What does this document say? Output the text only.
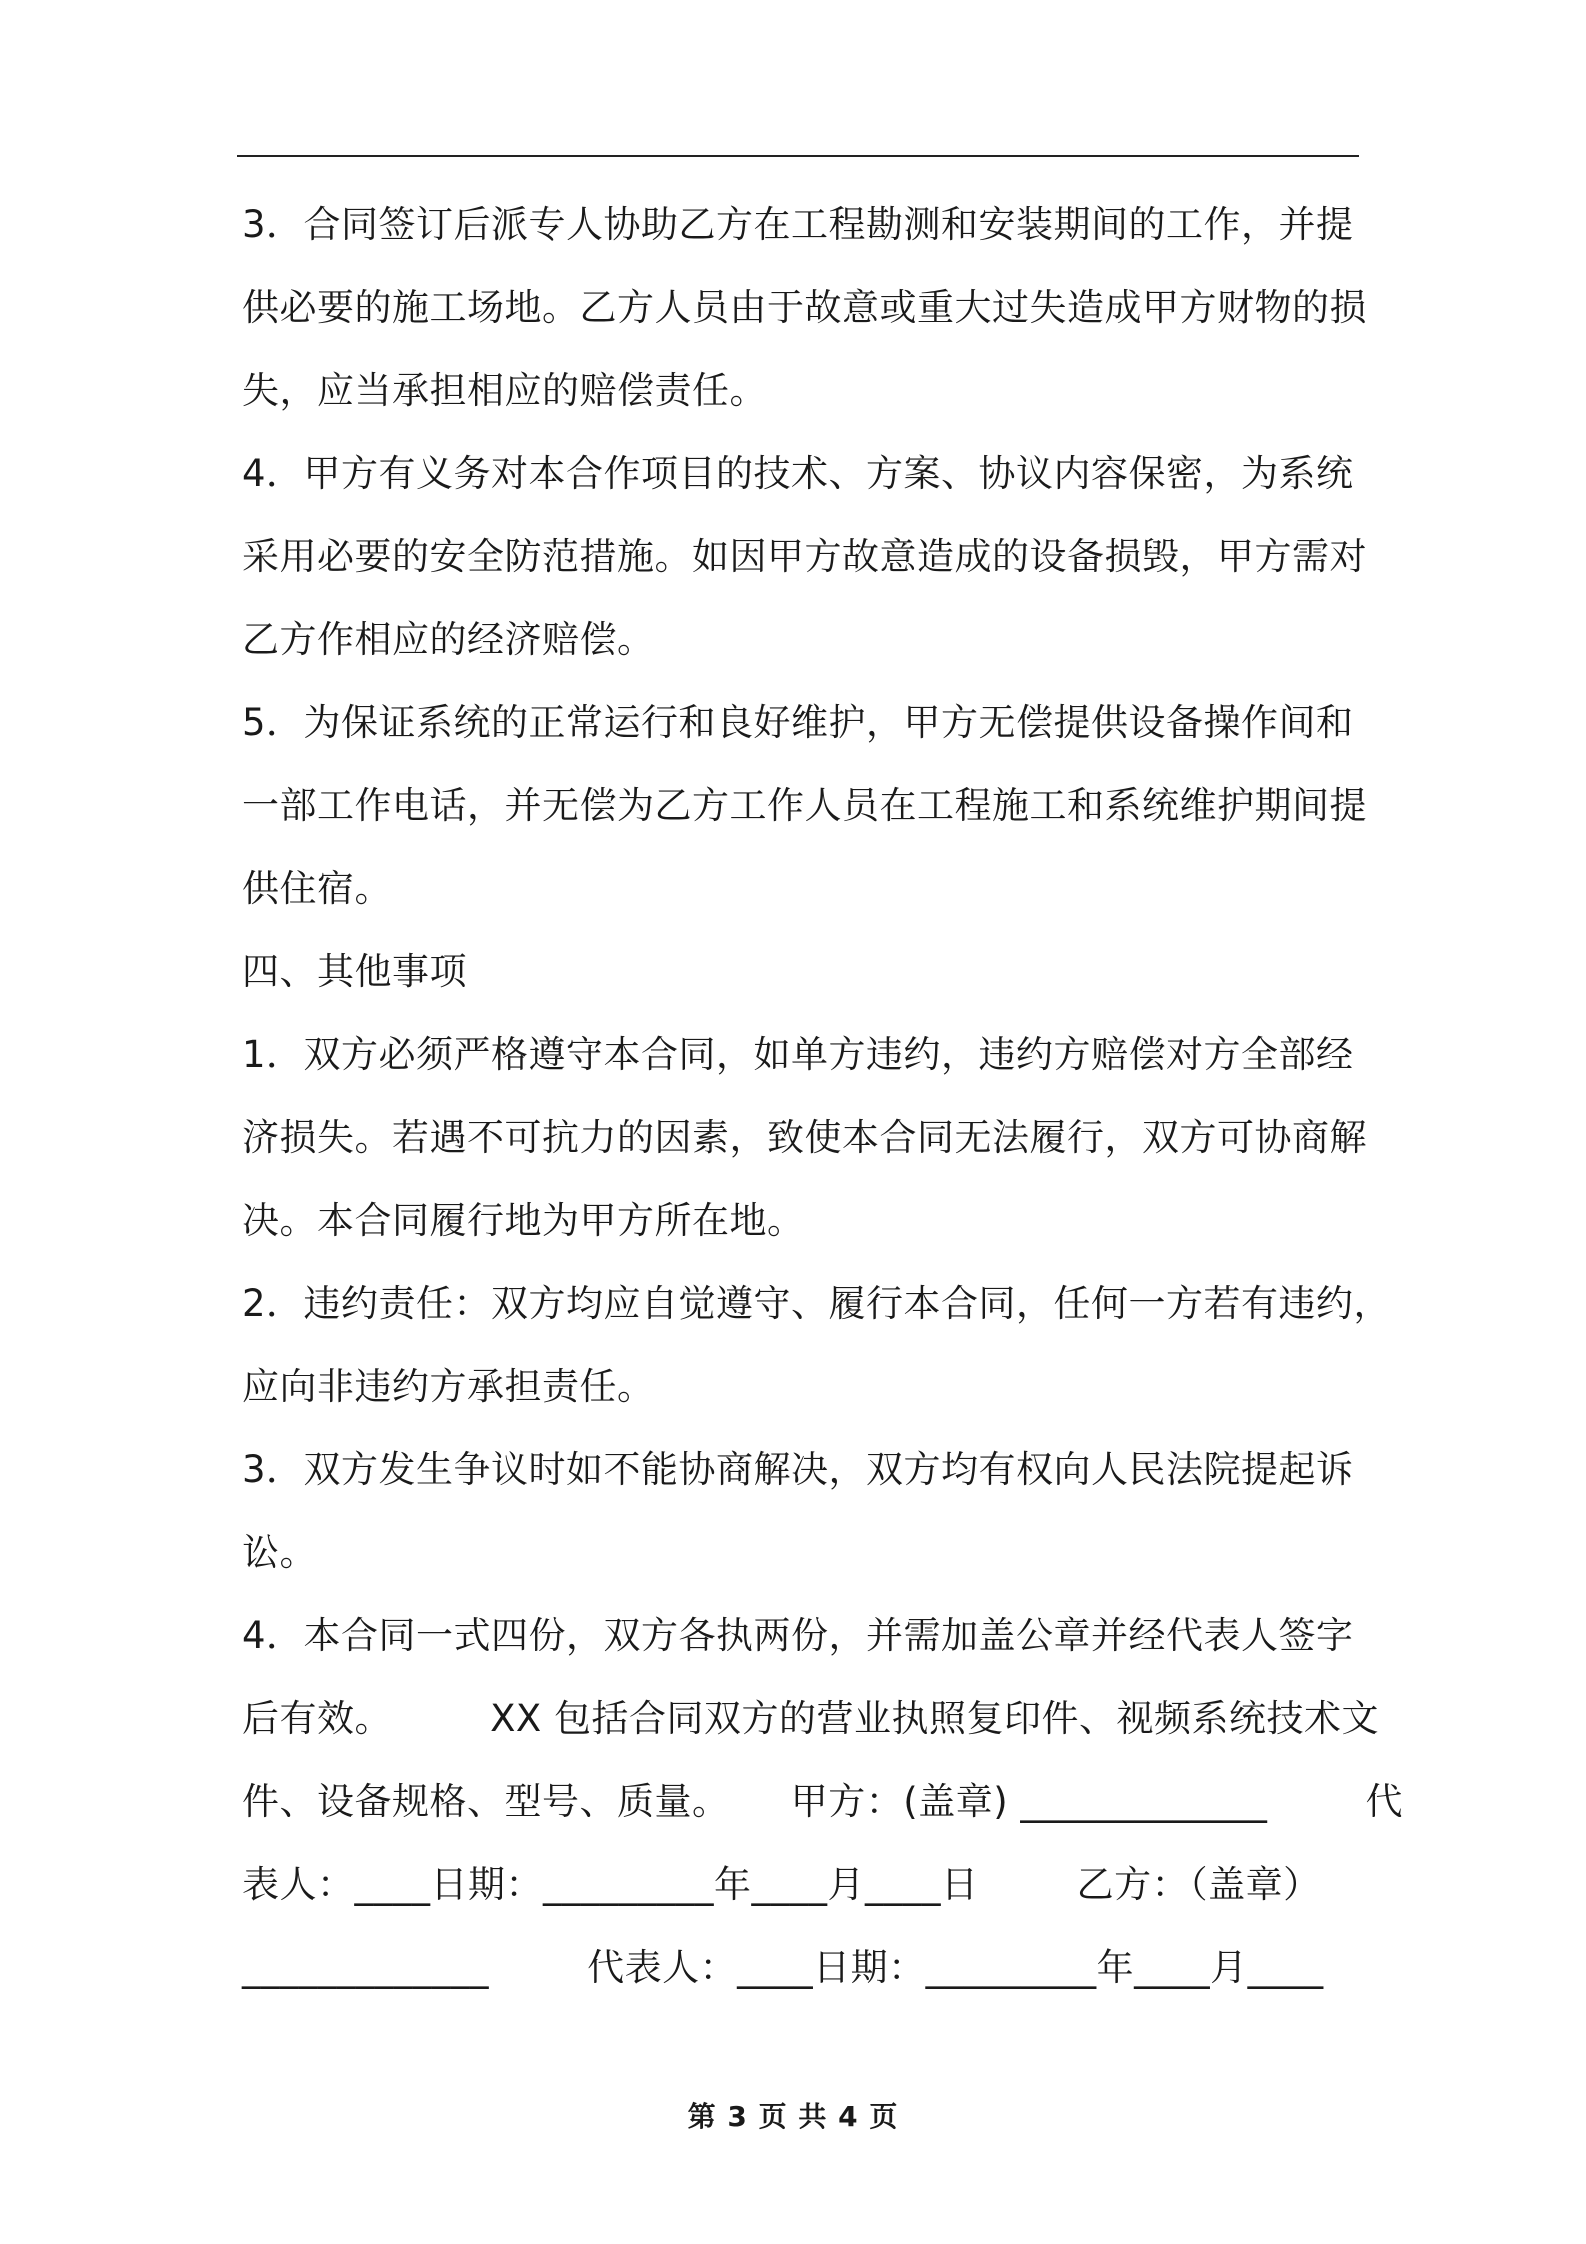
3．合同签订后派专人协助乙方在工程勘测和安装期间的工作，并提
供必要的施工场地。乙方人员由于故意或重大过失造成甲方财物的损
失，应当承担相应的赔偿责任。
4．甲方有义务对本合作项目的技术、方案、协议内容保密，为系统
采用必要的安全防范措施。如因甲方故意造成的设备损毁，甲方需对
乙方作相应的经济赔偿。
5．为保证系统的正常运行和良好维护，甲方无偿提供设备操作间和
一部工作电话，并无偿为乙方工作人员在工程施工和系统维护期间提
供住宿。
四、其他事项
1．双方必须严格遵守本合同，如单方违约，违约方赔偿对方全部经
济损失。若遇不可抗力的因素，致使本合同无法履行，双方可协商解
决。本合同履行地为甲方所在地。
2．违约责任：双方均应自觉遵守、履行本合同，任何一方若有违约，
应向非违约方承担责任。
3．双方发生争议时如不能协商解决，双方均有权向人民法院提起诉
讼。
4．本合同一式四份，双方各执两份，并需加盖公章并经代表人签字
后有效。        XX 包括合同双方的营业执照复印件、视频系统技术文
件、设备规格、型号、质量。     甲方：(盖章) _____________        代
表人：____日期：_________年____月____日        乙方：（盖章）
_____________        代表人：____日期：_________年____月____
第 3 页 共 4 页
